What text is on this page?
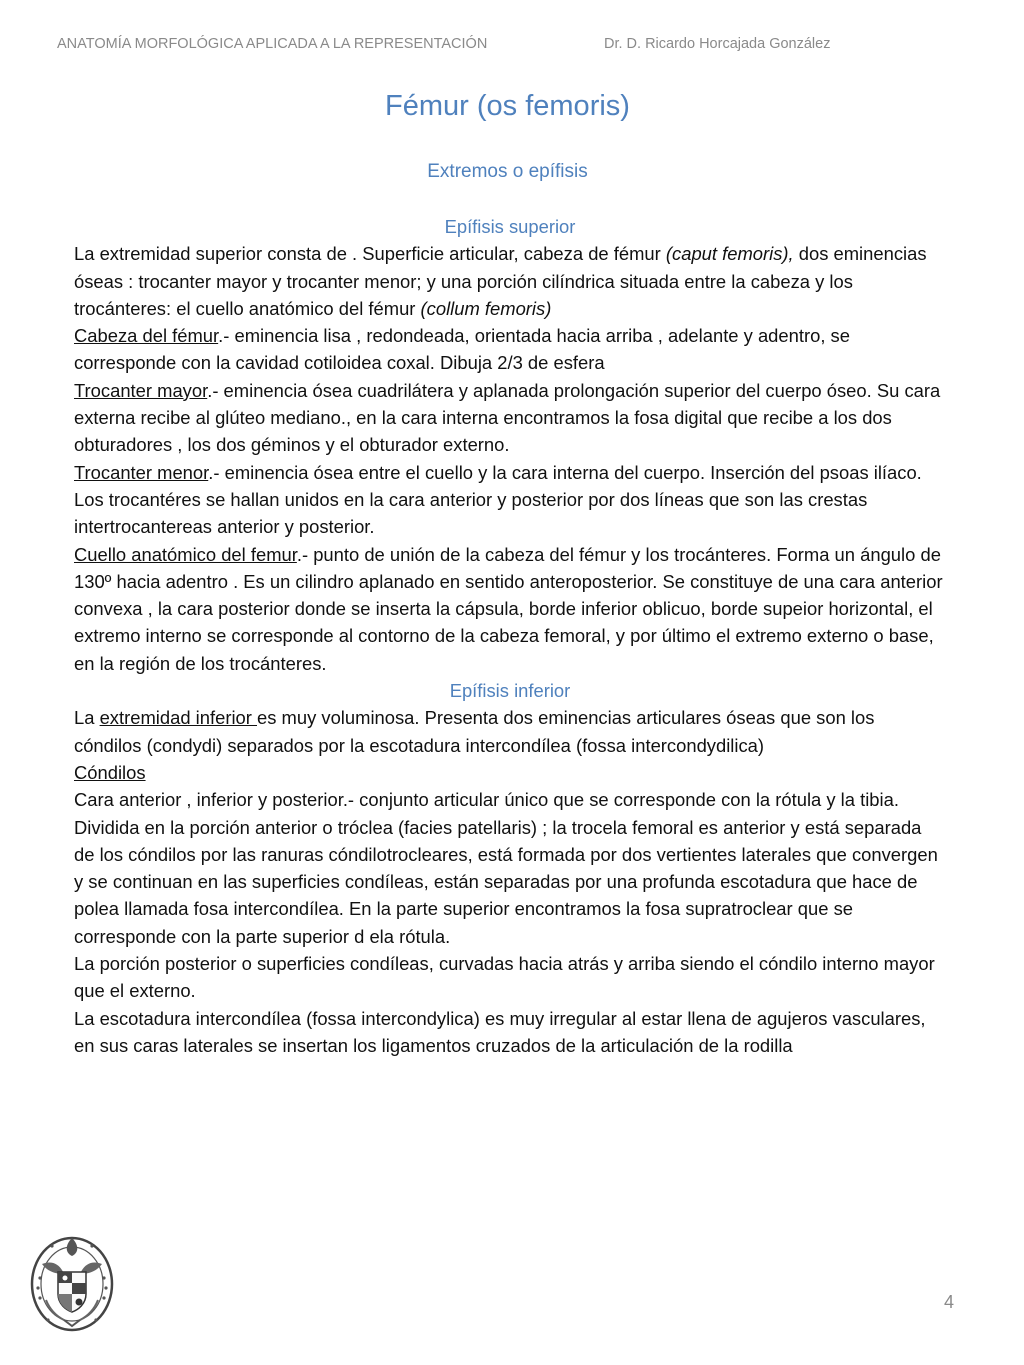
ANATOMÍA MORFOLÓGICA APLICADA A LA REPRESENTACIÓN	Dr. D. Ricardo Horcajada González
Fémur (os femoris)
Extremos o epífisis

Epífisis superior

La extremidad superior consta de . Superficie articular, cabeza de fémur (caput femoris), dos eminencias óseas : trocanter mayor y trocanter menor; y una porción cilíndrica situada entre la cabeza y los trocánteres: el cuello anatómico del fémur (collum femoris)

Cabeza del fémur.- eminencia lisa , redondeada, orientada hacia arriba , adelante y adentro, se corresponde con la cavidad cotiloidea coxal. Dibuja 2/3 de esfera

Trocanter mayor.- eminencia ósea cuadrilátera y aplanada prolongación superior del cuerpo óseo. Su cara externa recibe al glúteo mediano., en la cara interna encontramos la fosa digital que recibe a los dos obturadores , los dos géminos y el obturador externo.

Trocanter menor.- eminencia ósea entre el cuello y la cara interna del cuerpo. Inserción del psoas ilíaco. Los trocantéres se hallan unidos en la cara anterior y posterior por dos líneas que son las crestas intertrocantereas anterior y posterior.

Cuello anatómico del femur.- punto de unión de la cabeza del fémur y los trocánteres. Forma un ángulo de 130º hacia adentro . Es un cilindro aplanado en sentido anteroposterior. Se constituye de una cara anterior convexa , la cara posterior donde se inserta la cápsula, borde inferior oblicuo, borde supeior horizontal, el extremo interno se corresponde al contorno de la cabeza femoral, y por último el extremo externo o base, en la región de los trocánteres.

Epífisis inferior

La extremidad inferior es muy voluminosa. Presenta dos eminencias articulares óseas que son los cóndilos (condydi) separados por la escotadura intercondílea (fossa intercondydilica)

Cóndilos

Cara anterior , inferior y posterior.- conjunto articular único que se corresponde con la rótula y la tibia. Dividida en la porción anterior o tróclea (facies patellaris) ; la trocela femoral es anterior y está separada de los cóndilos por las ranuras cóndilotrocleares, está formada por dos vertientes laterales que convergen y se continuan en las superficies condíleas, están separadas por una profunda escotadura que hace de polea llamada fosa intercondílea. En la parte superior encontramos la fosa supratroclear que se corresponde con la parte superior d ela rótula.

La porción posterior o superficies condíleas, curvadas hacia atrás y arriba siendo el cóndilo interno mayor que el externo.

La escotadura intercondílea (fossa intercondylica) es muy irregular al estar llena de agujeros vasculares, en sus caras laterales se insertan los ligamentos cruzados de la articulación de la rodilla

4
